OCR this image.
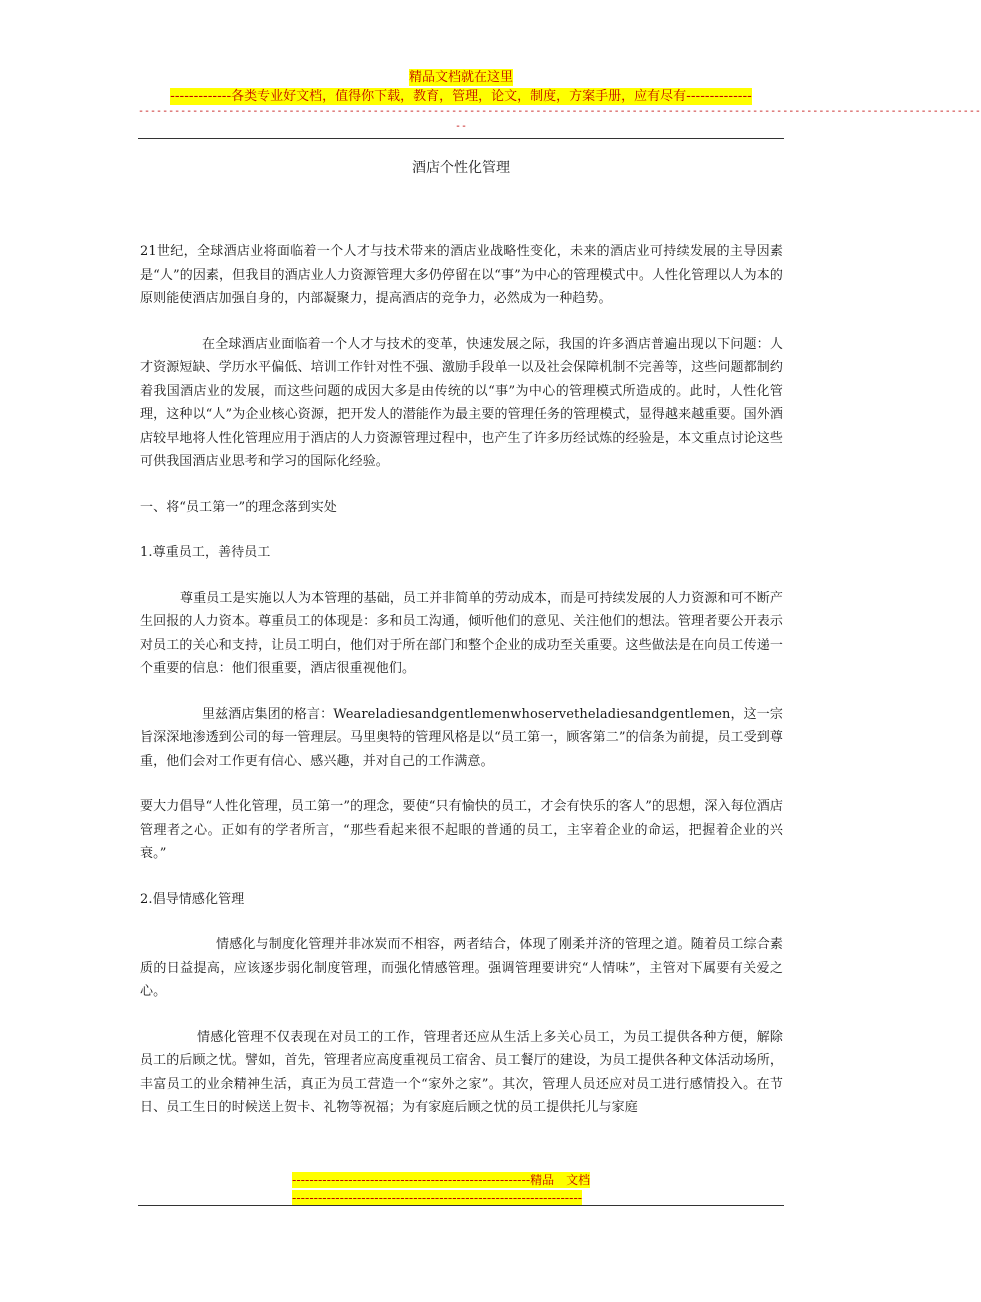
精品文档就在这里
-------------各类专业好文档，值得你下载，教育，管理，论文，制度，方案手册，应有尽有--------------
--------------------------------------------------------------------------------------------------------------------------------------------
--
酒店个性化管理

21世纪，全球酒店业将面临着一个人才与技术带来的酒店业战略性变化，未来的酒店业可持续发展的主导因素是“人”的因素，但我目的酒店业人力资源管理大多仍停留在以“事”为中心的管理模式中。人性化管理以人为本的原则能使酒店加强自身的，内部凝聚力，提高酒店的竞争力，必然成为一种趋势。

在全球酒店业面临着一个人才与技术的变革，快速发展之际，我国的许多酒店普遍出现以下问题：人才资源短缺、学历水平偏低、培训工作针对性不强、激励手段单一以及社会保障机制不完善等，这些问题都制约着我国酒店业的发展，而这些问题的成因大多是由传统的以“事”为中心的管理模式所造成的。此时，人性化管理，这种以“人”为企业核心资源，把开发人的潜能作为最主要的管理任务的管理模式，显得越来越重要。国外酒店较早地将人性化管理应用于酒店的人力资源管理过程中，也产生了许多历经试炼的经验是，本文重点讨论这些可供我国酒店业思考和学习的国际化经验。

一、将“员工第一”的理念落到实处

1.尊重员工，善待员工

尊重员工是实施以人为本管理的基础，员工并非简单的劳动成本，而是可持续发展的人力资源和可不断产生回报的人力资本。尊重员工的体现是：多和员工沟通，倾听他们的意见、关注他们的想法。管理者要公开表示对员工的关心和支持，让员工明白，他们对于所在部门和整个企业的成功至关重要。这些做法是在向员工传递一个重要的信息：他们很重要，酒店很重视他们。

里兹酒店集团的格言：Weareladiesandgentlemenwhoservetheladiesandgentlemen，这一宗旨深深地渗透到公司的每一管理层。马里奥特的管理风格是以“员工第一，顾客第二”的信条为前提，员工受到尊重，他们会对工作更有信心、感兴趣，并对自己的工作满意。

要大力倡导“人性化管理，员工第一”的理念，要使“只有愉快的员工，才会有快乐的客人”的思想，深入每位酒店管理者之心。正如有的学者所言，“那些看起来很不起眼的普通的员工，主宰着企业的命运，把握着企业的兴衰。”

2.倡导情感化管理

情感化与制度化管理并非冰炭而不相容，两者结合，体现了刚柔并济的管理之道。随着员工综合素质的日益提高，应该逐步弱化制度管理，而强化情感管理。强调管理要讲究“人情味”，主管对下属要有关爱之心。

情感化管理不仅表现在对员工的工作，管理者还应从生活上多关心员工，为员工提供各种方便，解除员工的后顾之忧。譬如，首先，管理者应高度重视员工宿舍、员工餐厅的建设，为员工提供各种文体活动场所，丰富员工的业余精神生活，真正为员工营造一个“家外之家”。其次，管理人员还应对员工进行感情投入。在节日、员工生日的时候送上贺卡、礼物等祝福；为有家庭后顾之忧的员工提供托儿与家庭

-------------------------------------------------------精品　文档
-------------------------------------------------------------------
